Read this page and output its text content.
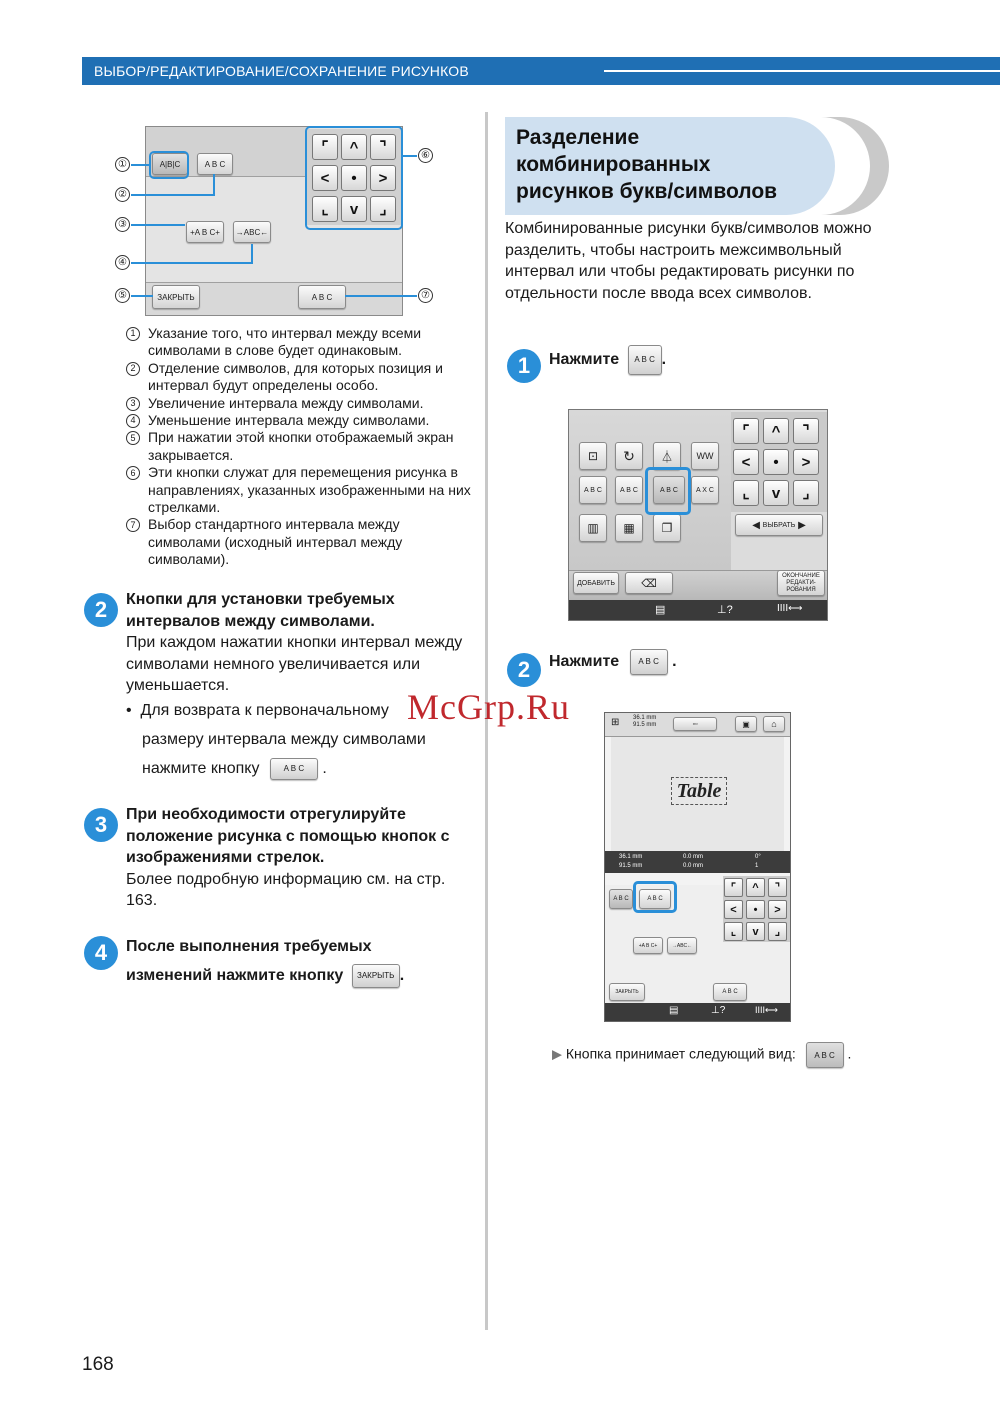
ВЫБОР/РЕДАКТИРОВАНИЕ/СОХРАНЕНИЕ РИСУНКОВ
A|B|C	A B C
+A B C+	→ABC←
ЗАКРЫТЬ	A B C
⌜	^	⌝
<	•	>
⌞	v	⌟
①
②
③
④
⑤
⑥
⑦
1 Указание того, что интервал между всеми символами в слове будет одинаковым.
2 Отделение символов, для которых позиция и интервал будут определены особо.
3 Увеличение интервала между символами.
4 Уменьшение интервала между символами.
5 При нажатии этой кнопки отображаемый экран закрывается.
6 Эти кнопки служат для перемещения рисунка в направлениях, указанных изображенными на них стрелками.
7 Выбор стандартного интервала между символами (исходный интервал между символами).
2	Кнопки для установки требуемых интервалов между символами.
При каждом нажатии кнопки интервал между символами немного увеличивается или уменьшается.
•  Для возврата к первоначальному
размеру интервала между символами
нажмите кнопку	A B C .
3	При необходимости отрегулируйте положение рисунка с помощью кнопок с изображениями стрелок.
Более подробную информацию см. на стр. 163.
4	После выполнения требуемых
изменений нажмите кнопку ЗАКРЫТЬ .
Разделение
комбинированных
рисунков букв/символов
Комбинированные рисунки букв/символов можно разделить, чтобы настроить межсимвольный интервал или чтобы редактировать рисунки по отдельности после ввода всех символов.
1	Нажмите A B C .
⊡	↻	⏃	WW
A B C	A B C	A B C	A X C
▥	▦	❐
⌜	^	⌝
<	•	>
⌞	v	⌟
◀ ВЫБРАТЬ ▶
ДОБАВИТЬ	⌫
ОКОНЧАНИЕ РЕДАКТИ-РОВАНИЯ
▤	⊥?	IIII⟷
2	Нажмите A B C .
⊞ 36.1 mm
91.5 mm	▫▫	▣	⌂
Table
36.1 mm
91.5 mm
0.0 mm
0.0 mm
0°
1
A B C	A B C
+A B C+	→ABC←
ЗАКРЫТЬ	A B C
⌜	^	⌝
<	•	>
⌞	v	⌟
▤	⊥?	IIII⟷
▶ Кнопка принимает следующий вид: A B C .
McGrp.Ru
168
